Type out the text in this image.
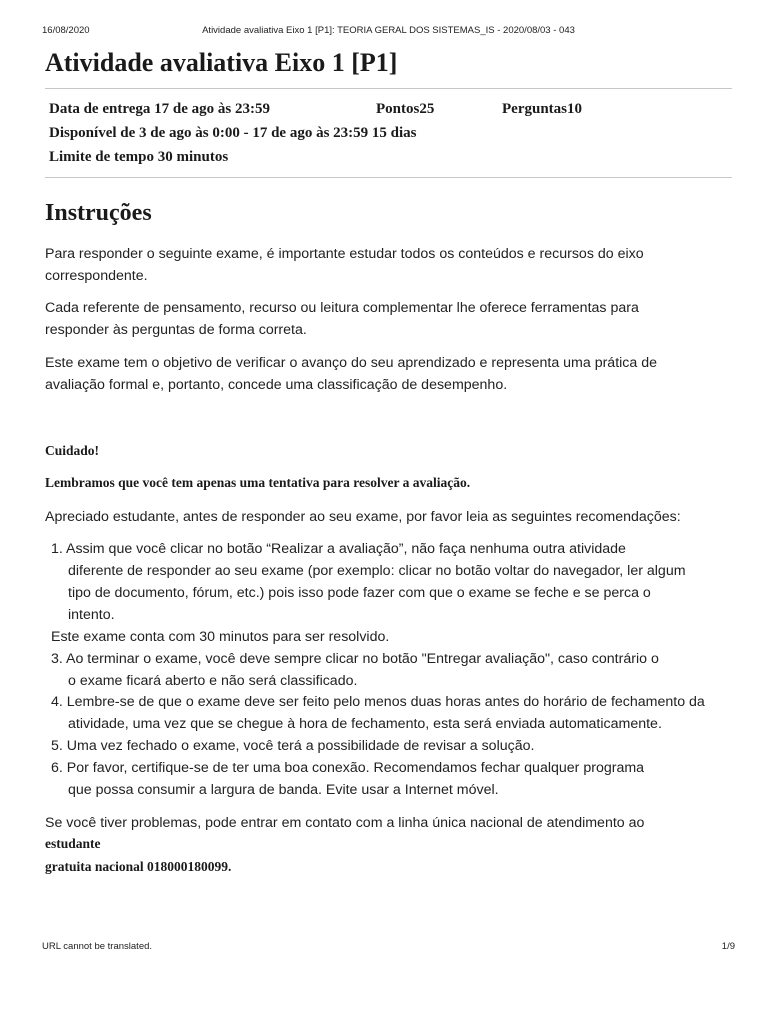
16/08/2020	Atividade avaliativa Eixo 1 [P1]: TEORIA GERAL DOS SISTEMAS_IS - 2020/08/03 - 043
Atividade avaliativa Eixo 1 [P1]
Data de entrega 17 de ago às 23:59	Pontos25	Perguntas10
Disponível de 3 de ago às 0:00 - 17 de ago às 23:59 15 dias
Limite de tempo 30 minutos
Instruções
Para responder o seguinte exame, é importante estudar todos os conteúdos e recursos do eixo
correspondente.
Cada referente de pensamento, recurso ou leitura complementar lhe oferece ferramentas para
responder às perguntas de forma correta.
Este exame tem o objetivo de verificar o avanço do seu aprendizado e representa uma prática de
avaliação formal e, portanto, concede uma classificação de desempenho.
Cuidado!
Lembramos que você tem apenas uma tentativa para resolver a avaliação.
Apreciado estudante, antes de responder ao seu exame, por favor leia as seguintes recomendações:
1. Assim que você clicar no botão “Realizar a avaliação”, não faça nenhuma outra atividade
diferente de responder ao seu exame (por exemplo: clicar no botão voltar do navegador, ler algum
tipo de documento, fórum, etc.) pois isso pode fazer com que o exame se feche e se perca o
intento.
Este exame conta com 30 minutos para ser resolvido.
3. Ao terminar o exame, você deve sempre clicar no botão "Entregar avaliação", caso contrário o
o exame ficará aberto e não será classificado.
4. Lembre-se de que o exame deve ser feito pelo menos duas horas antes do horário de fechamento da
atividade, uma vez que se chegue à hora de fechamento, esta será enviada automaticamente.
5. Uma vez fechado o exame, você terá a possibilidade de revisar a solução.
6. Por favor, certifique-se de ter uma boa conexão. Recomendamos fechar qualquer programa
que possa consumir a largura de banda. Evite usar a Internet móvel.
Se você tiver problemas, pode entrar em contato com a linha única nacional de atendimento ao
estudante
gratuita nacional 018000180099.
URL cannot be translated.	1/9
